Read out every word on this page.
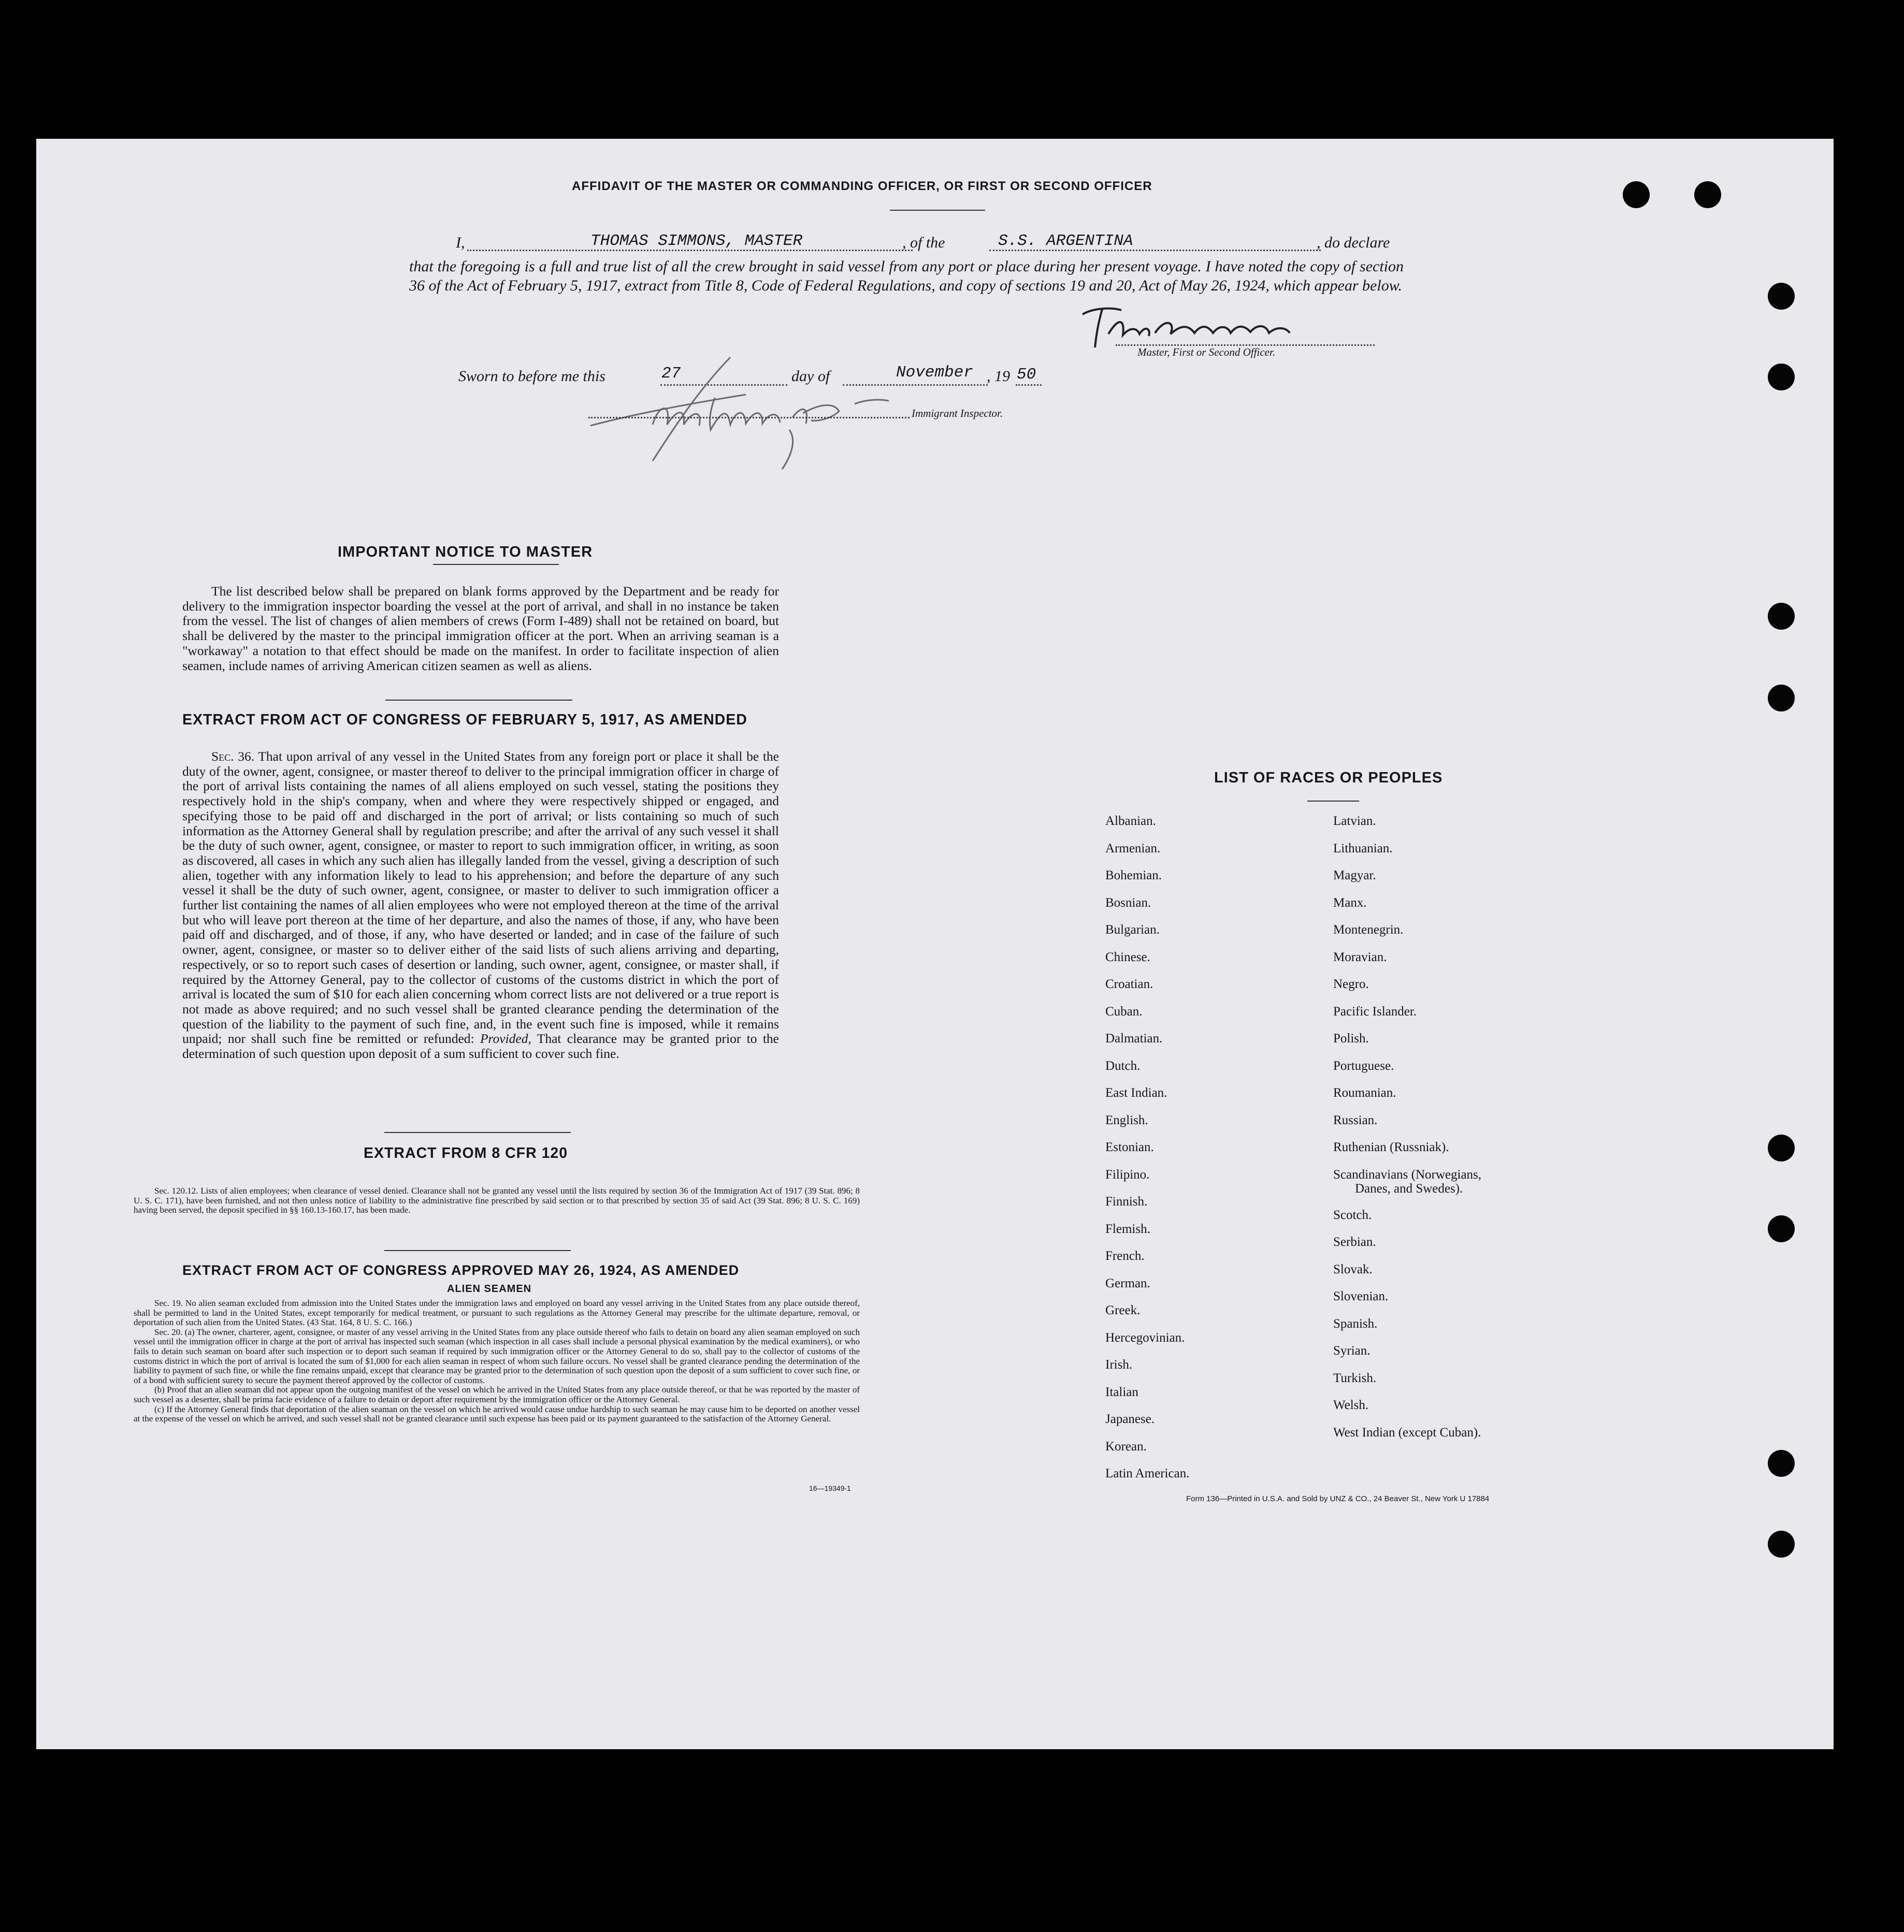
AFFIDAVIT OF THE MASTER OR COMMANDING OFFICER, OR FIRST OR SECOND OFFICER
I,	THOMAS SIMMONS, MASTER	, of the	S.S. ARGENTINA	, do declare
that the foregoing is a full and true list of all the crew brought in said vessel from any port or place during her present voyage. I have noted the copy of section 36 of the Act of February 5, 1917, extract from Title 8, Code of Federal Regulations, and copy of sections 19 and 20, Act of May 26, 1924, which appear below.
Master, First or Second Officer.
Sworn to before me this	27	day of	November , 19 50
Immigrant Inspector.
IMPORTANT NOTICE TO MASTER
The list described below shall be prepared on blank forms approved by the Department and be ready for delivery to the immigration inspector boarding the vessel at the port of arrival, and shall in no instance be taken from the vessel. The list of changes of alien members of crews (Form I-489) shall not be retained on board, but shall be delivered by the master to the principal immigration officer at the port. When an arriving seaman is a "workaway" a notation to that effect should be made on the manifest. In order to facilitate inspection of alien seamen, include names of arriving American citizen seamen as well as aliens.
EXTRACT FROM ACT OF CONGRESS OF FEBRUARY 5, 1917, AS AMENDED
Sec. 36. That upon arrival of any vessel in the United States from any foreign port or place it shall be the duty of the owner, agent, consignee, or master thereof to deliver to the principal immigration officer in charge of the port of arrival lists containing the names of all aliens employed on such vessel, stating the positions they respectively hold in the ship's company, when and where they were respectively shipped or engaged, and specifying those to be paid off and discharged in the port of arrival; or lists containing so much of such information as the Attorney General shall by regulation prescribe; and after the arrival of any such vessel it shall be the duty of such owner, agent, consignee, or master to report to such immigration officer, in writing, as soon as discovered, all cases in which any such alien has illegally landed from the vessel, giving a description of such alien, together with any information likely to lead to his apprehension; and before the departure of any such vessel it shall be the duty of such owner, agent, consignee, or master to deliver to such immigration officer a further list containing the names of all alien employees who were not employed thereon at the time of the arrival but who will leave port thereon at the time of her departure, and also the names of those, if any, who have been paid off and discharged, and of those, if any, who have deserted or landed; and in case of the failure of such owner, agent, consignee, or master so to deliver either of the said lists of such aliens arriving and departing, respectively, or so to report such cases of desertion or landing, such owner, agent, consignee, or master shall, if required by the Attorney General, pay to the collector of customs of the customs district in which the port of arrival is located the sum of $10 for each alien concerning whom correct lists are not delivered or a true report is not made as above required; and no such vessel shall be granted clearance pending the determination of the question of the liability to the payment of such fine, and, in the event such fine is imposed, while it remains unpaid; nor shall such fine be remitted or refunded: Provided, That clearance may be granted prior to the determination of such question upon deposit of a sum sufficient to cover such fine.
EXTRACT FROM 8 CFR 120
Sec. 120.12. Lists of alien employees; when clearance of vessel denied. Clearance shall not be granted any vessel until the lists required by section 36 of the Immigration Act of 1917 (39 Stat. 896; 8 U. S. C. 171), have been furnished, and not then unless notice of liability to the administrative fine prescribed by said section or to that prescribed by section 35 of said Act (39 Stat. 896; 8 U. S. C. 169) having been served, the deposit specified in §§ 160.13-160.17, has been made.
EXTRACT FROM ACT OF CONGRESS APPROVED MAY 26, 1924, AS AMENDED
ALIEN SEAMEN
Sec. 19. No alien seaman excluded from admission into the United States under the immigration laws and employed on board any vessel arriving in the United States from any place outside thereof, shall be permitted to land in the United States, except temporarily for medical treatment, or pursuant to such regulations as the Attorney General may prescribe for the ultimate departure, removal, or deportation of such alien from the United States. (43 Stat. 164, 8 U. S. C. 166.)
Sec. 20. (a) The owner, charterer, agent, consignee, or master of any vessel arriving in the United States from any place outside thereof who fails to detain on board any alien seaman employed on such vessel until the immigration officer in charge at the port of arrival has inspected such seaman (which inspection in all cases shall include a personal physical examination by the medical examiners), or who fails to detain such seaman on board after such inspection or to deport such seaman if required by such immigration officer or the Attorney General to do so, shall pay to the collector of customs of the customs district in which the port of arrival is located the sum of $1,000 for each alien seaman in respect of whom such failure occurs. No vessel shall be granted clearance pending the determination of the liability to payment of such fine, or while the fine remains unpaid, except that clearance may be granted prior to the determination of such question upon the deposit of a sum sufficient to cover such fine, or of a bond with sufficient surety to secure the payment thereof approved by the collector of customs.
(b) Proof that an alien seaman did not appear upon the outgoing manifest of the vessel on which he arrived in the United States from any place outside thereof, or that he was reported by the master of such vessel as a deserter, shall be prima facie evidence of a failure to detain or deport after requirement by the immigration officer or the Attorney General.
(c) If the Attorney General finds that deportation of the alien seaman on the vessel on which he arrived would cause undue hardship to such seaman he may cause him to be deported on another vessel at the expense of the vessel on which he arrived, and such vessel shall not be granted clearance until such expense has been paid or its payment guaranteed to the satisfaction of the Attorney General.
16—19349-1
LIST OF RACES OR PEOPLES
Albanian.
Armenian.
Bohemian.
Bosnian.
Bulgarian.
Chinese.
Croatian.
Cuban.
Dalmatian.
Dutch.
East Indian.
English.
Estonian.
Filipino.
Finnish.
Flemish.
French.
German.
Greek.
Hercegovinian.
Irish.
Italian
Japanese.
Korean.
Latin American.
Latvian.
Lithuanian.
Magyar.
Manx.
Montenegrin.
Moravian.
Negro.
Pacific Islander.
Polish.
Portuguese.
Roumanian.
Russian.
Ruthenian (Russniak).
Scandinavians (Norwegians,
Danes, and Swedes).
Scotch.
Serbian.
Slovak.
Slovenian.
Spanish.
Syrian.
Turkish.
Welsh.
West Indian (except Cuban).
Form 136—Printed in U.S.A. and Sold by UNZ & CO., 24 Beaver St., New York U 17884
